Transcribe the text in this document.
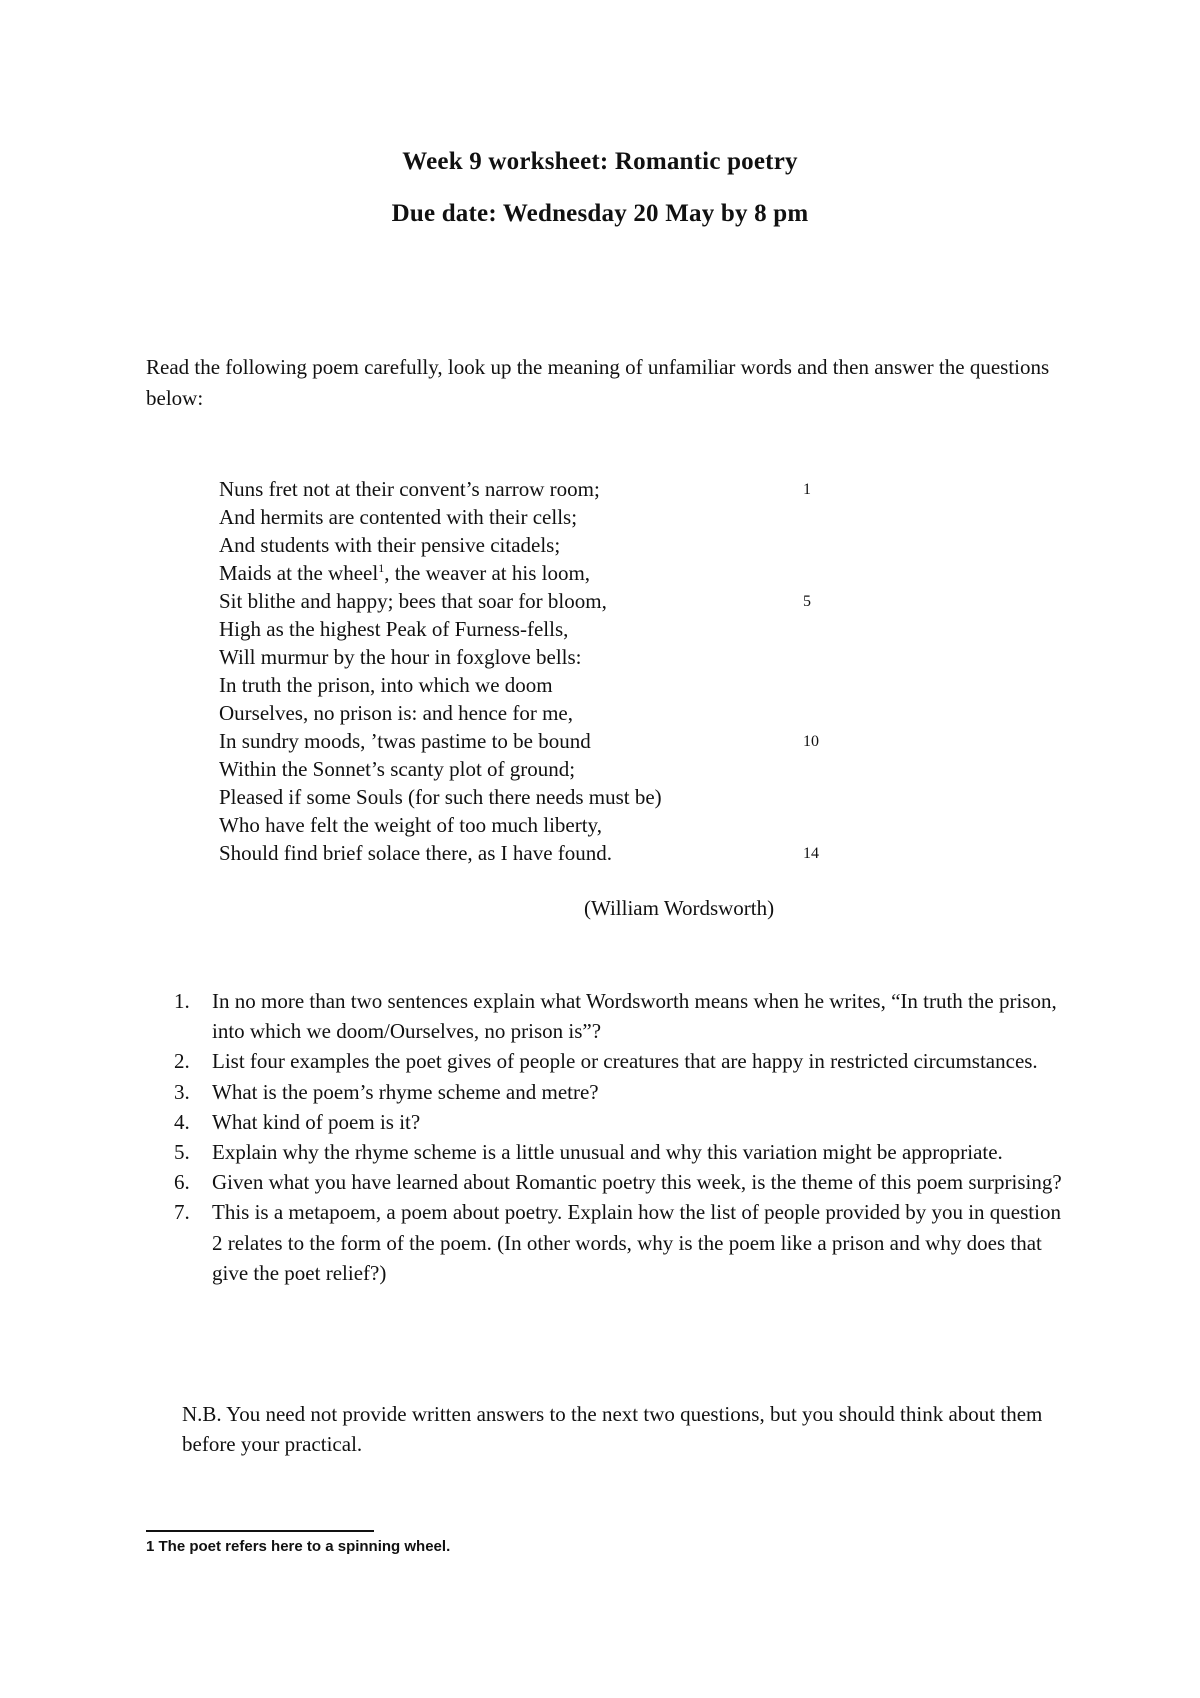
Week 9 worksheet: Romantic poetry
Due date: Wednesday 20 May by 8 pm
Read the following poem carefully, look up the meaning of unfamiliar words and then answer the questions below:
Nuns fret not at their convent’s narrow room;	1
And hermits are contented with their cells;
And students with their pensive citadels;
Maids at the wheel$^1$, the weaver at his loom,
Sit blithe and happy; bees that soar for bloom,	5
High as the highest Peak of Furness-fells,
Will murmur by the hour in foxglove bells:
In truth the prison, into which we doom
Ourselves, no prison is: and hence for me,
In sundry moods, ’twas pastime to be bound	10
Within the Sonnet’s scanty plot of ground;
Pleased if some Souls (for such there needs must be)
Who have felt the weight of too much liberty,
Should find brief solace there, as I have found.	14
(William Wordsworth)
1. In no more than two sentences explain what Wordsworth means when he writes, “In truth the prison, into which we doom/Ourselves, no prison is”?
2. List four examples the poet gives of people or creatures that are happy in restricted circumstances.
3. What is the poem’s rhyme scheme and metre?
4. What kind of poem is it?
5. Explain why the rhyme scheme is a little unusual and why this variation might be appropriate.
6. Given what you have learned about Romantic poetry this week, is the theme of this poem surprising?
7. This is a metapoem, a poem about poetry. Explain how the list of people provided by you in question 2 relates to the form of the poem. (In other words, why is the poem like a prison and why does that give the poet relief?)
N.B. You need not provide written answers to the next two questions, but you should think about them before your practical.
1 The poet refers here to a spinning wheel.
